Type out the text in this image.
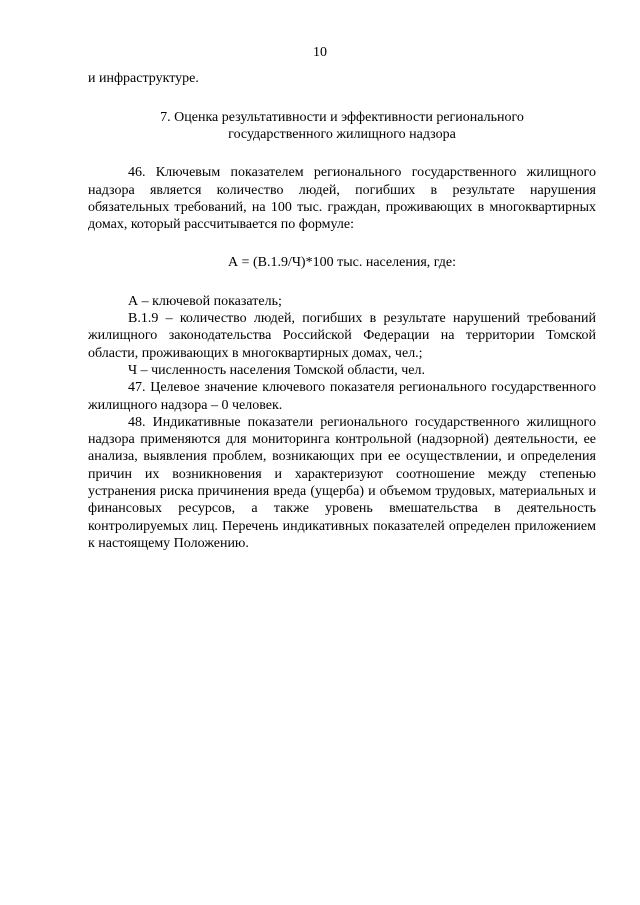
10

и инфраструктуре.

7. Оценка результативности и эффективности регионального
государственного жилищного надзора

46. Ключевым показателем регионального государственного жилищного надзора является количество людей, погибших в результате нарушения обязательных требований, на 100 тыс. граждан, проживающих в многоквартирных домах, который рассчитывается по формуле:

А = (В.1.9/Ч)*100 тыс. населения, где:

А – ключевой показатель;

В.1.9 – количество людей, погибших в результате нарушений требований жилищного законодательства Российской Федерации на территории Томской области, проживающих в многоквартирных домах, чел.;

Ч – численность населения Томской области, чел.

47. Целевое значение ключевого показателя регионального государственного жилищного надзора – 0 человек.

48. Индикативные показатели регионального государственного жилищного надзора применяются для мониторинга контрольной (надзорной) деятельности, ее анализа, выявления проблем, возникающих при ее осуществлении, и определения причин их возникновения и характеризуют соотношение между степенью устранения риска причинения вреда (ущерба) и объемом трудовых, материальных и финансовых ресурсов, а также уровень вмешательства в деятельность контролируемых лиц. Перечень индикативных показателей определен приложением к настоящему Положению.
